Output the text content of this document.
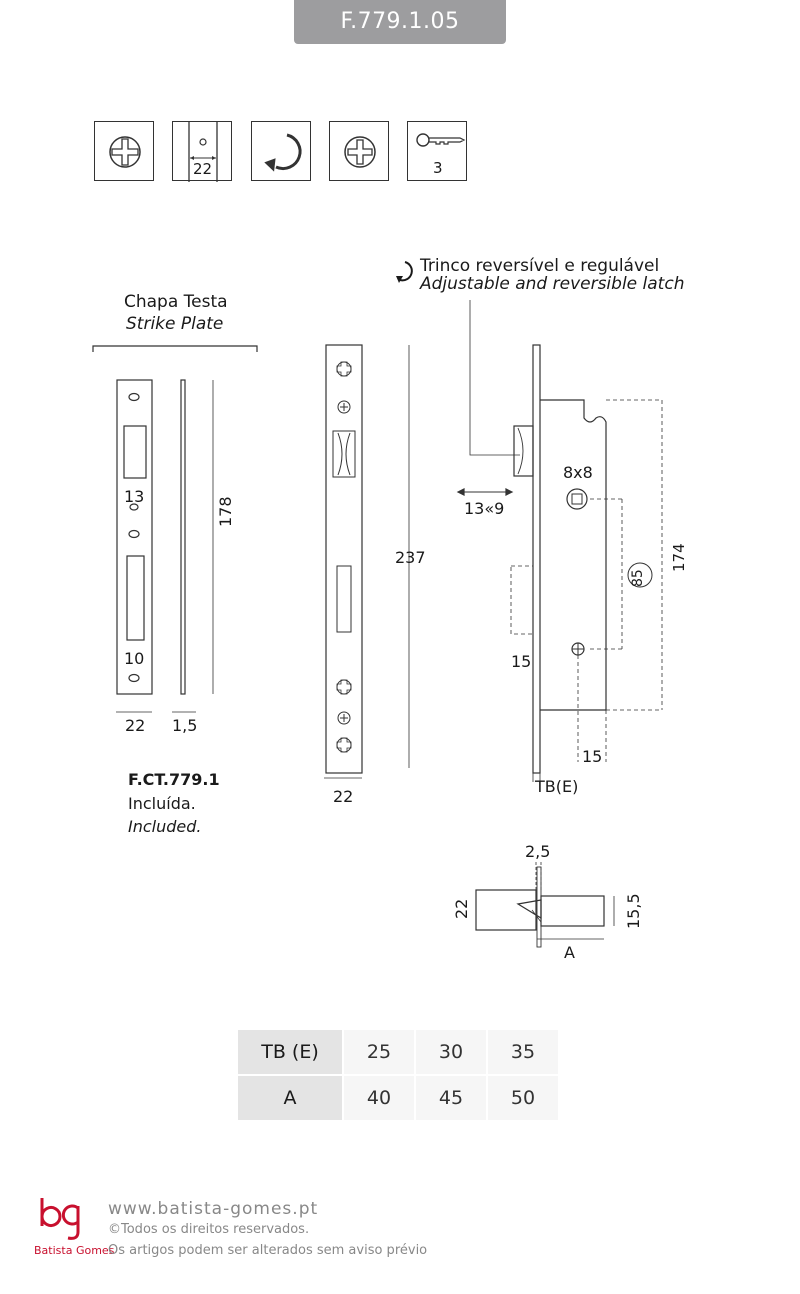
F.779.1.05
22	3
Trinco reversível e regulável
Adjustable and reversible latch
Chapa Testa
Strike Plate
13
10
178
22 1,5
F.CT.779.1
Incluída.
Included.
237
22
13«9
8x8
85
174
15
15
TB(E)
2,5
22	15,5
A
TB (E)	25	30	35
A	40	45	50
Batista Gomes
www.batista-gomes.pt
©Todos os direitos reservados.
Os artigos podem ser alterados sem aviso prévio
